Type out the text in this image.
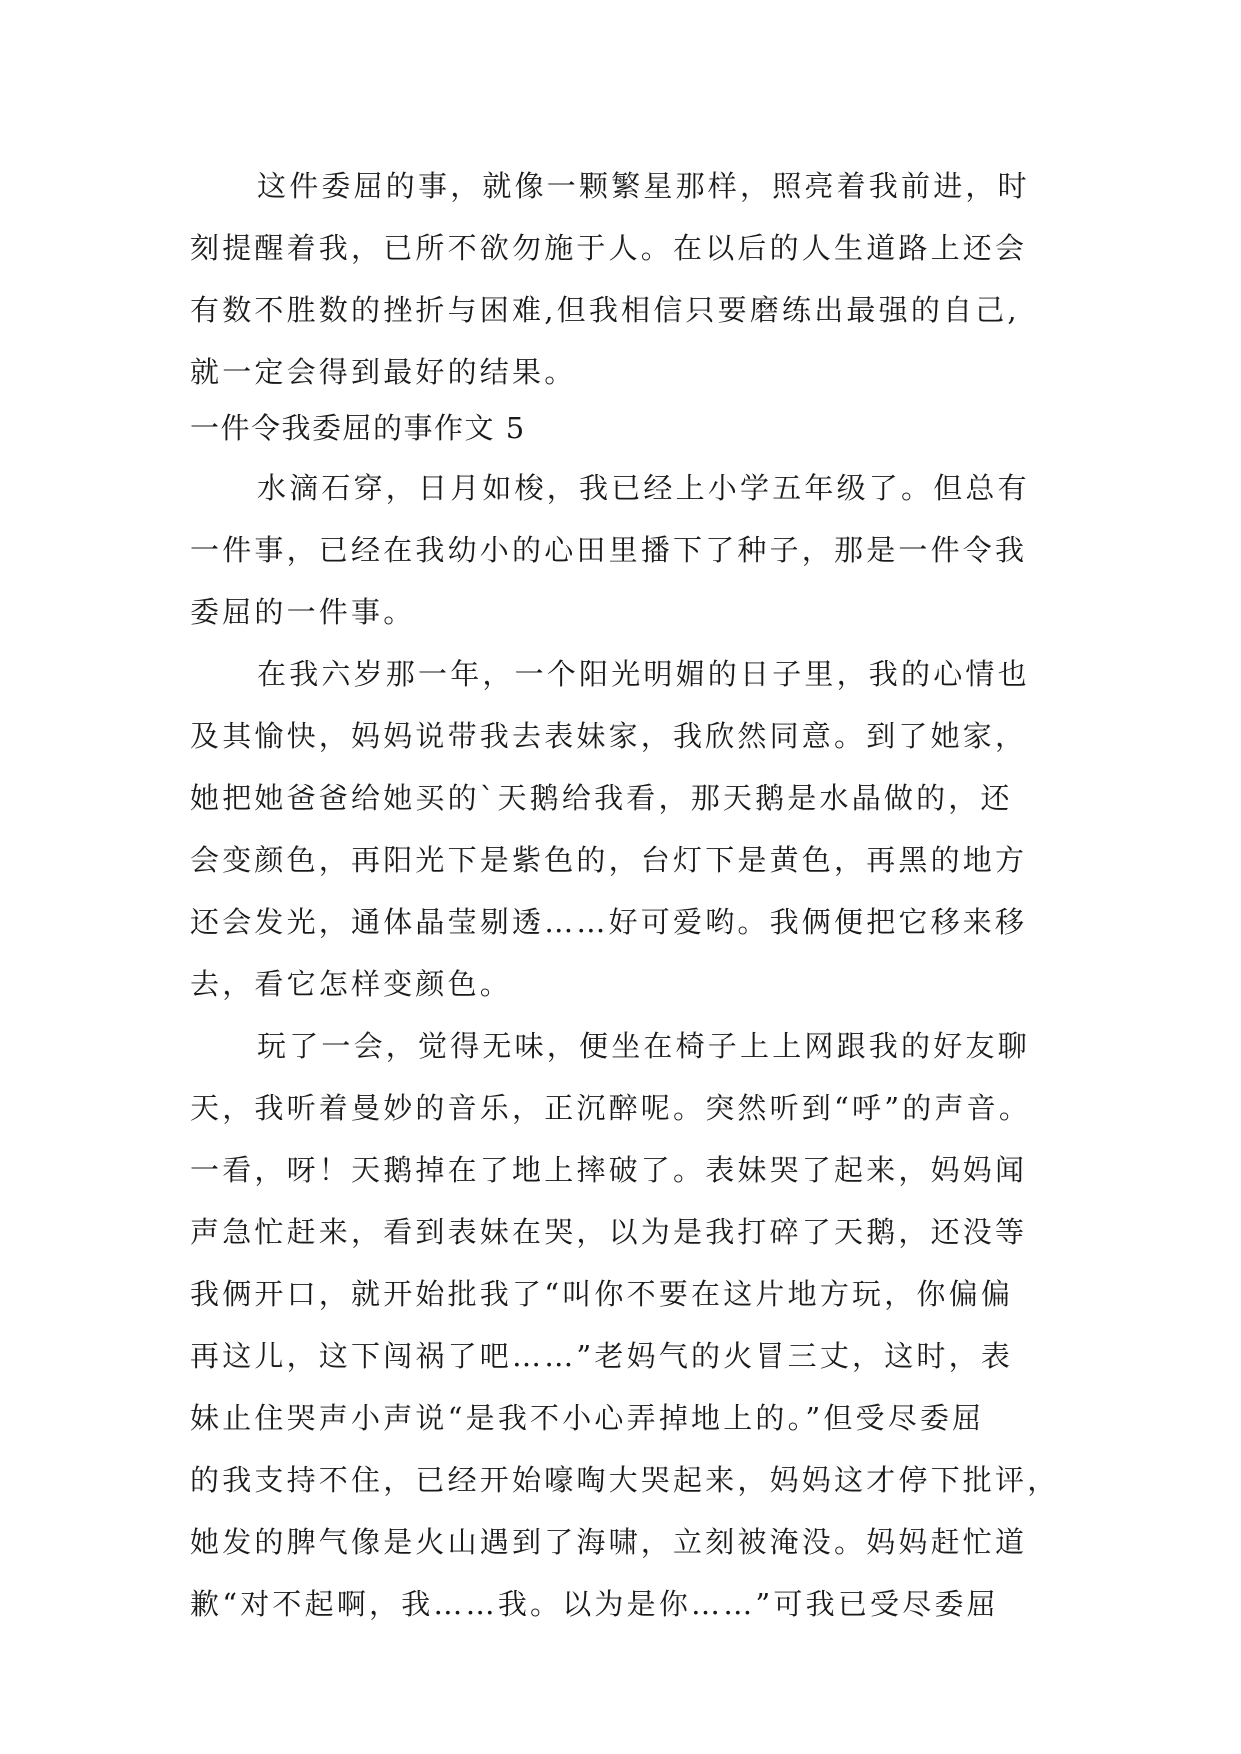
这件委屈的事，就像一颗繁星那样，照亮着我前进，时
刻提醒着我，已所不欲勿施于人。在以后的人生道路上还会
有数不胜数的挫折与困难,但我相信只要磨练出最强的自己,
就一定会得到最好的结果。
一件令我委屈的事作文 5
水滴石穿，日月如梭，我已经上小学五年级了。但总有
一件事，已经在我幼小的心田里播下了种子，那是一件令我
委屈的一件事。
在我六岁那一年，一个阳光明媚的日子里，我的心情也
及其愉快，妈妈说带我去表妹家，我欣然同意。到了她家，
她把她爸爸给她买的`天鹅给我看，那天鹅是水晶做的，还
会变颜色，再阳光下是紫色的，台灯下是黄色，再黑的地方
还会发光，通体晶莹剔透……好可爱哟。我俩便把它移来移
去，看它怎样变颜色。
玩了一会，觉得无味，便坐在椅子上上网跟我的好友聊
天，我听着曼妙的音乐，正沉醉呢。突然听到“呼”的声音。
一看，呀！天鹅掉在了地上摔破了。表妹哭了起来，妈妈闻
声急忙赶来，看到表妹在哭，以为是我打碎了天鹅，还没等
我俩开口，就开始批我了“叫你不要在这片地方玩，你偏偏
再这儿，这下闯祸了吧……”老妈气的火冒三丈，这时，表
妹止住哭声小声说“是我不小心弄掉地上的。”但受尽委屈
的我支持不住，已经开始嚎啕大哭起来，妈妈这才停下批评，
她发的脾气像是火山遇到了海啸，立刻被淹没。妈妈赶忙道
歉“对不起啊，我……我。以为是你……”可我已受尽委屈
